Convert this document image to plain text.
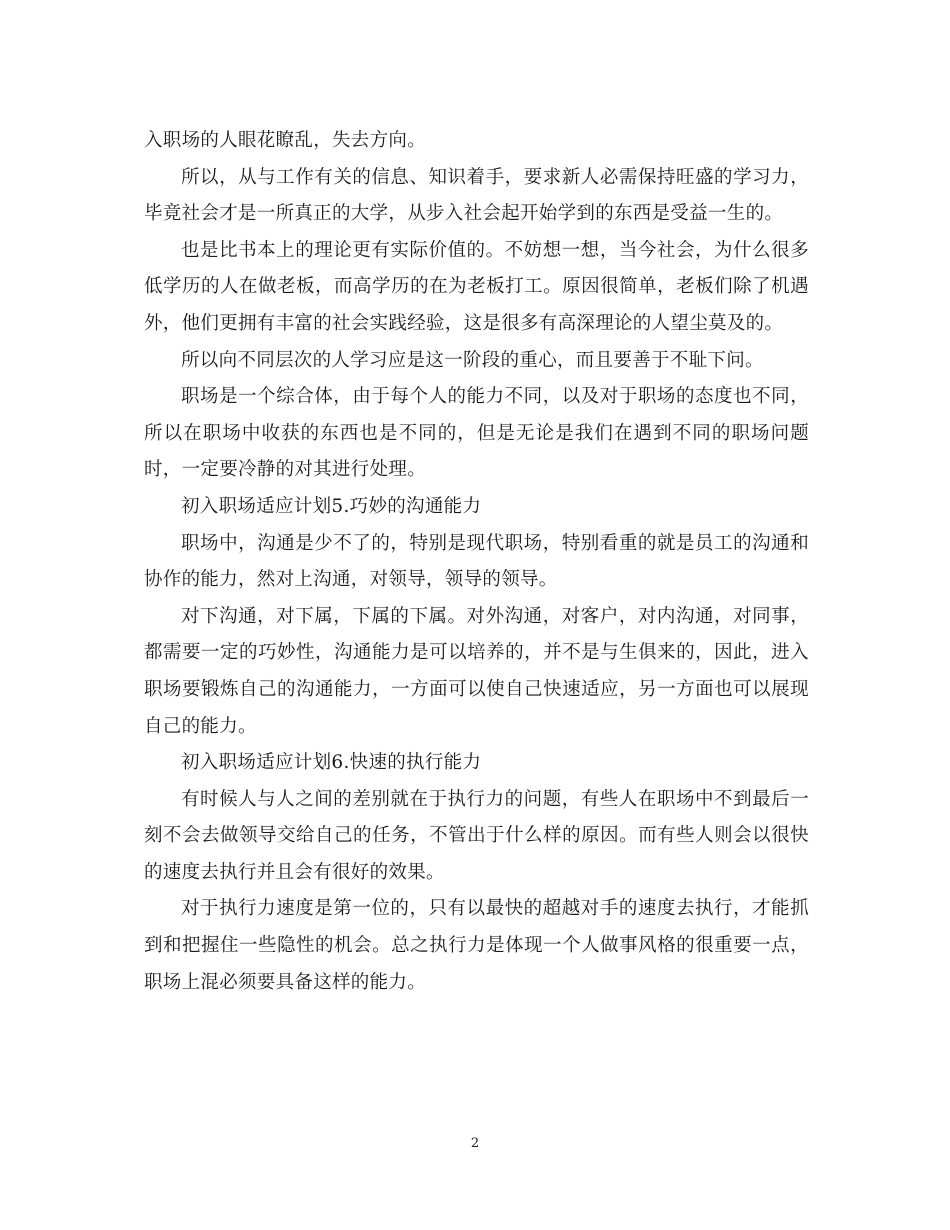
入职场的人眼花瞭乱，失去方向。

所以，从与工作有关的信息、知识着手，要求新人必需保持旺盛的学习力，毕竟社会才是一所真正的大学，从步入社会起开始学到的东西是受益一生的。

也是比书本上的理论更有实际价值的。不妨想一想，当今社会，为什么很多低学历的人在做老板，而高学历的在为老板打工。原因很简单，老板们除了机遇外，他们更拥有丰富的社会实践经验，这是很多有高深理论的人望尘莫及的。

所以向不同层次的人学习应是这一阶段的重心，而且要善于不耻下问。

职场是一个综合体，由于每个人的能力不同，以及对于职场的态度也不同，所以在职场中收获的东西也是不同的，但是无论是我们在遇到不同的职场问题时，一定要冷静的对其进行处理。

初入职场适应计划5.巧妙的沟通能力

职场中，沟通是少不了的，特别是现代职场，特别看重的就是员工的沟通和协作的能力，然对上沟通，对领导，领导的领导。

对下沟通，对下属，下属的下属。对外沟通，对客户，对内沟通，对同事，都需要一定的巧妙性，沟通能力是可以培养的，并不是与生俱来的，因此，进入职场要锻炼自己的沟通能力，一方面可以使自己快速适应，另一方面也可以展现自己的能力。

初入职场适应计划6.快速的执行能力

有时候人与人之间的差别就在于执行力的问题，有些人在职场中不到最后一刻不会去做领导交给自己的任务，不管出于什么样的原因。而有些人则会以很快的速度去执行并且会有很好的效果。

对于执行力速度是第一位的，只有以最快的超越对手的速度去执行，才能抓到和把握住一些隐性的机会。总之执行力是体现一个人做事风格的很重要一点，职场上混必须要具备这样的能力。

2
